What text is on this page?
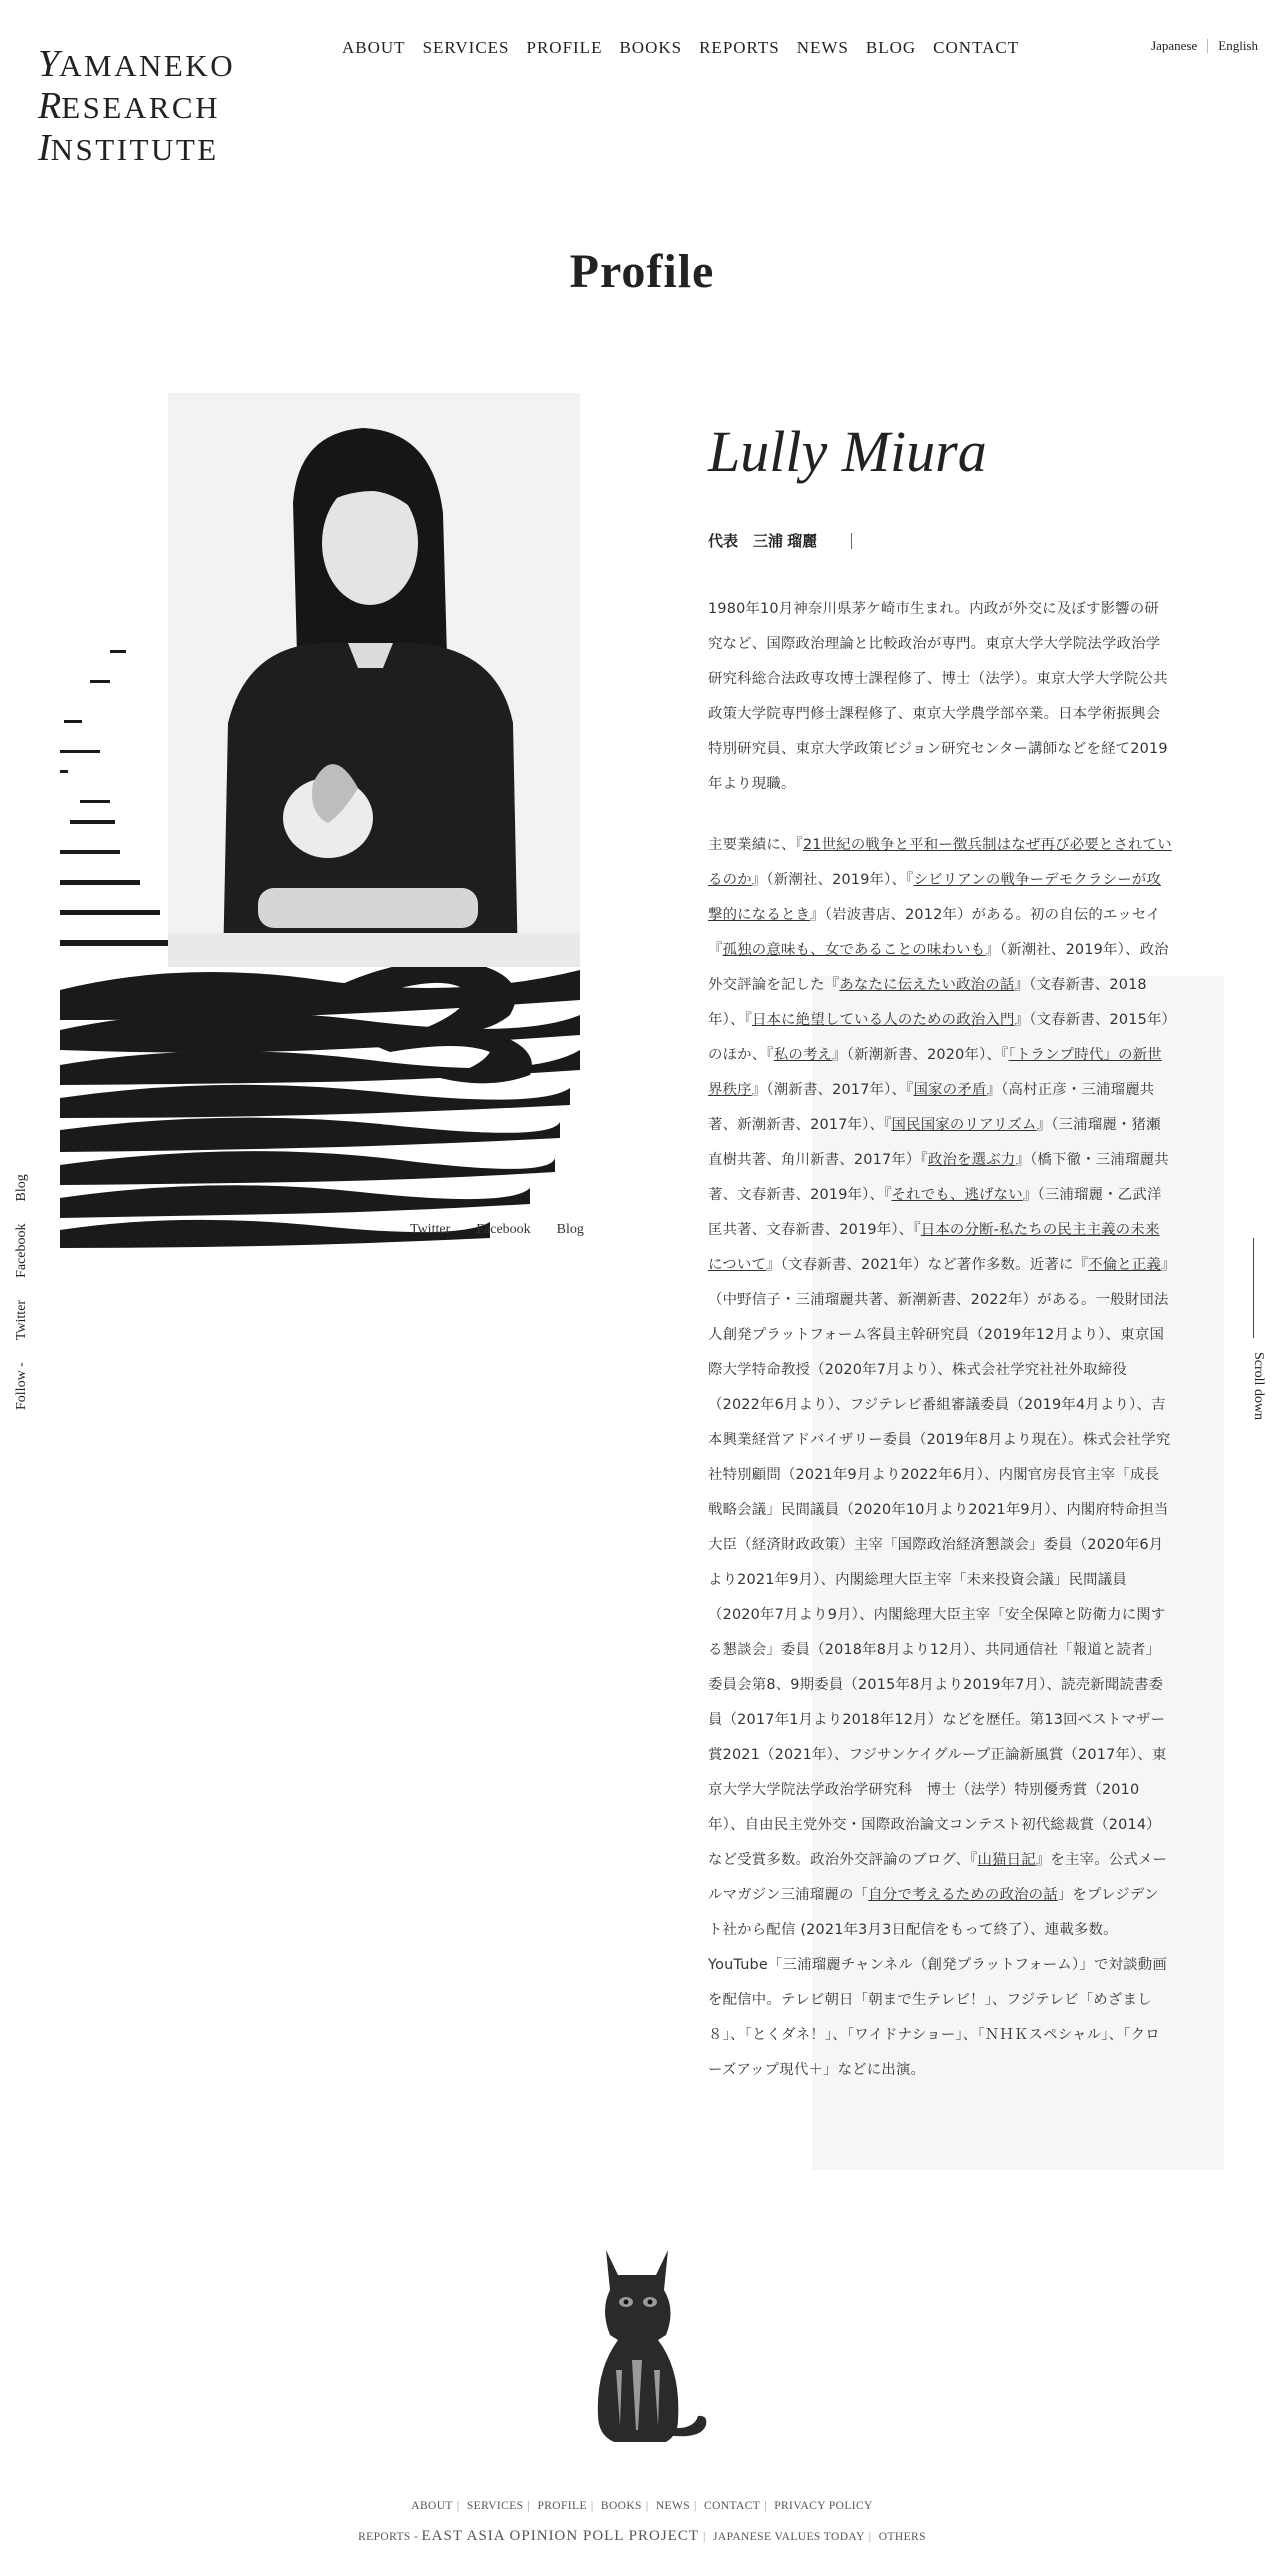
YAMANEKO
RESEARCH
INSTITUTE
ABOUT SERVICES PROFILE BOOKS REPORTS NEWS BLOG CONTACT	Japanese English
Profile
Twitter Facebook Blog
Follow -
Twitter
Facebook
Blog
Scroll down
Lully Miura
代表　三浦 瑠麗

1980年10月神奈川県茅ケ崎市生まれ。内政が外交に及ぼす影響の研究など、国際政治理論と比較政治が専門。東京大学大学院法学政治学研究科総合法政専攻博士課程修了、博士（法学）。東京大学大学院公共政策大学院専門修士課程修了、東京大学農学部卒業。日本学術振興会特別研究員、東京大学政策ビジョン研究センター講師などを経て2019年より現職。

主要業績に、『21世紀の戦争と平和ー徴兵制はなぜ再び必要とされているのか』（新潮社、2019年）、『シビリアンの戦争ーデモクラシーが攻撃的になるとき』（岩波書店、2012年）がある。初の自伝的エッセイ『孤独の意味も、女であることの味わいも』（新潮社、2019年）、政治外交評論を記した『あなたに伝えたい政治の話』（文春新書、2018年）、『日本に絶望している人のための政治入門』（文春新書、2015年）のほか、『私の考え』（新潮新書、2020年）、『「トランプ時代」の新世界秩序』（潮新書、2017年）、『国家の矛盾』（高村正彦・三浦瑠麗共著、新潮新書、2017年）、『国民国家のリアリズム』（三浦瑠麗・猪瀬直樹共著、角川新書、2017年）『政治を選ぶ力』（橋下徹・三浦瑠麗共著、文春新書、2019年）、『それでも、逃げない』（三浦瑠麗・乙武洋匡共著、文春新書、2019年）、『日本の分断-私たちの民主主義の未来について』（文春新書、2021年）など著作多数。近著に『不倫と正義』（中野信子・三浦瑠麗共著、新潮新書、2022年）がある。一般財団法人創発プラットフォーム客員主幹研究員（2019年12月より）、東京国際大学特命教授（2020年7月より）、株式会社学究社社外取締役（2022年6月より）、フジテレビ番組審議委員（2019年4月より）、吉本興業経営アドバイザリー委員（2019年8月より現在）。株式会社学究社特別顧問（2021年9月より2022年6月）、内閣官房長官主宰「成長戦略会議」民間議員（2020年10月より2021年9月）、内閣府特命担当大臣（経済財政政策）主宰「国際政治経済懇談会」委員（2020年6月より2021年9月）、内閣総理大臣主宰「未来投資会議」民間議員（2020年7月より9月）、内閣総理大臣主宰「安全保障と防衛力に関する懇談会」委員（2018年8月より12月）、共同通信社「報道と読者」委員会第8、9期委員（2015年8月より2019年7月）、読売新聞読書委員（2017年1月より2018年12月）などを歴任。第13回ベストマザー賞2021（2021年）、フジサンケイグループ正論新風賞（2017年）、東京大学大学院法学政治学研究科　博士（法学）特別優秀賞（2010年）、自由民主党外交・国際政治論文コンテスト初代総裁賞（2014）など受賞多数。政治外交評論のブログ、『山猫日記』を主宰。公式メールマガジン三浦瑠麗の「自分で考えるための政治の話」をプレジデント社から配信 (2021年3月3日配信をもって終了）、連載多数。YouTube「三浦瑠麗チャンネル（創発プラットフォーム）」で対談動画を配信中。テレビ朝日「朝まで生テレビ！」、フジテレビ「めざまし８」、「とくダネ！」、「ワイドナショー」、「ＮＨＫスペシャル」、「クローズアップ現代＋」などに出演。

ABOUT | SERVICES | PROFILE | BOOKS | NEWS | CONTACT | PRIVACY POLICY
REPORTS - EAST ASIA OPINION POLL PROJECT | JAPANESE VALUES TODAY | OTHERS
